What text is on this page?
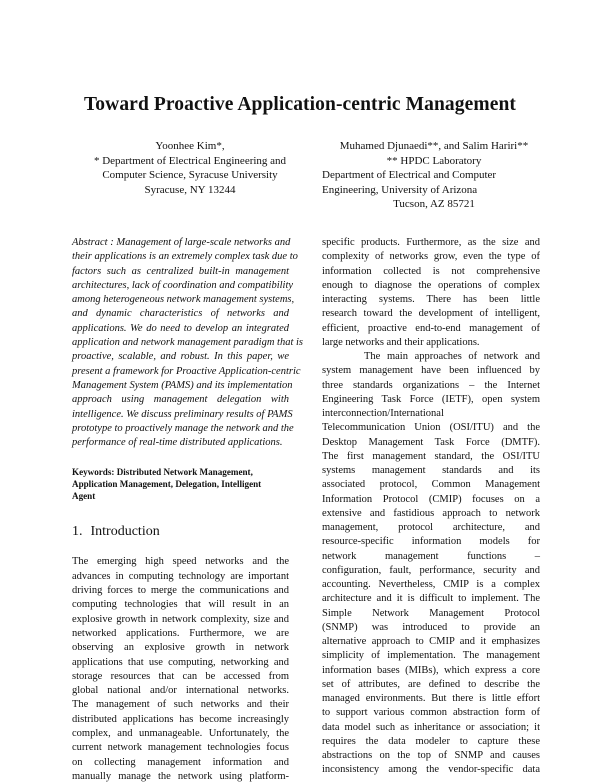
Toward Proactive Application-centric Management
Yoonhee Kim*,
* Department of Electrical Engineering and
Computer Science, Syracuse University
Syracuse, NY 13244
Muhamed Djunaedi**, and Salim Hariri**
** HPDC Laboratory
Department of Electrical and Computer
Engineering, University of Arizona
Tucson, AZ 85721
Abstract : Management of large-scale networks and
their applications is an extremely complex task due to
factors such as centralized built-in management
architectures, lack of coordination and compatibility
among heterogeneous network management systems,
and dynamic characteristics of networks and
applications. We do need to develop an integrated
application and network management paradigm that is
proactive, scalable, and robust. In this paper, we
present a framework for Proactive Application-centric
Management System (PAMS) and its implementation
approach using management delegation with
intelligence. We discuss preliminary results of PAMS
prototype to proactively manage the network and the
performance of real-time distributed applications.
Keywords: Distributed Network Management,
Application Management, Delegation, Intelligent
Agent
1. Introduction
The emerging high speed networks and the
advances in computing technology are important
driving forces to merge the communications and
computing technologies that will result in an
explosive growth in network complexity, size and
networked applications. Furthermore, we are
observing an explosive growth in network
applications that use computing, networking and
storage resources that can be accessed from
global national and/or international networks.
The management of such networks and their
distributed applications has become increasingly
complex, and unmanageable. Unfortunately, the
current network management technologies focus
on collecting management information and
manually manage the network using platform-
specific products. Furthermore, as the size and
complexity of networks grow, even the type of
information collected is not comprehensive
enough to diagnose the operations of complex
interacting systems. There has been little
research toward the development of intelligent,
efficient, proactive end-to-end management of
large networks and their applications.
The main approaches of network and
system management have been influenced by
three standards organizations – the Internet
Engineering Task Force (IETF), open system
interconnection/International
Telecommunication Union (OSI/ITU) and the
Desktop Management Task Force (DMTF).
The first management standard, the OSI/ITU
systems management standards and its
associated protocol, Common Management
Information Protocol (CMIP) focuses on a
extensive and fastidious approach to network
management, protocol architecture, and
resource-specific information models for
network management functions –
configuration, fault, performance, security and
accounting. Nevertheless, CMIP is a complex
architecture and it is difficult to implement. The
Simple Network Management Protocol
(SNMP) was introduced to provide an
alternative approach to CMIP and it emphasizes
simplicity of implementation. The management
information bases (MIBs), which express a core
set of attributes, are defined to describe the
managed environments. But there is little effort
to support various common abstraction form of
data model such as inheritance or association; it
requires the data modeler to capture these
abstractions on the top of SNMP and causes
inconsistency among the vendor-specific data
